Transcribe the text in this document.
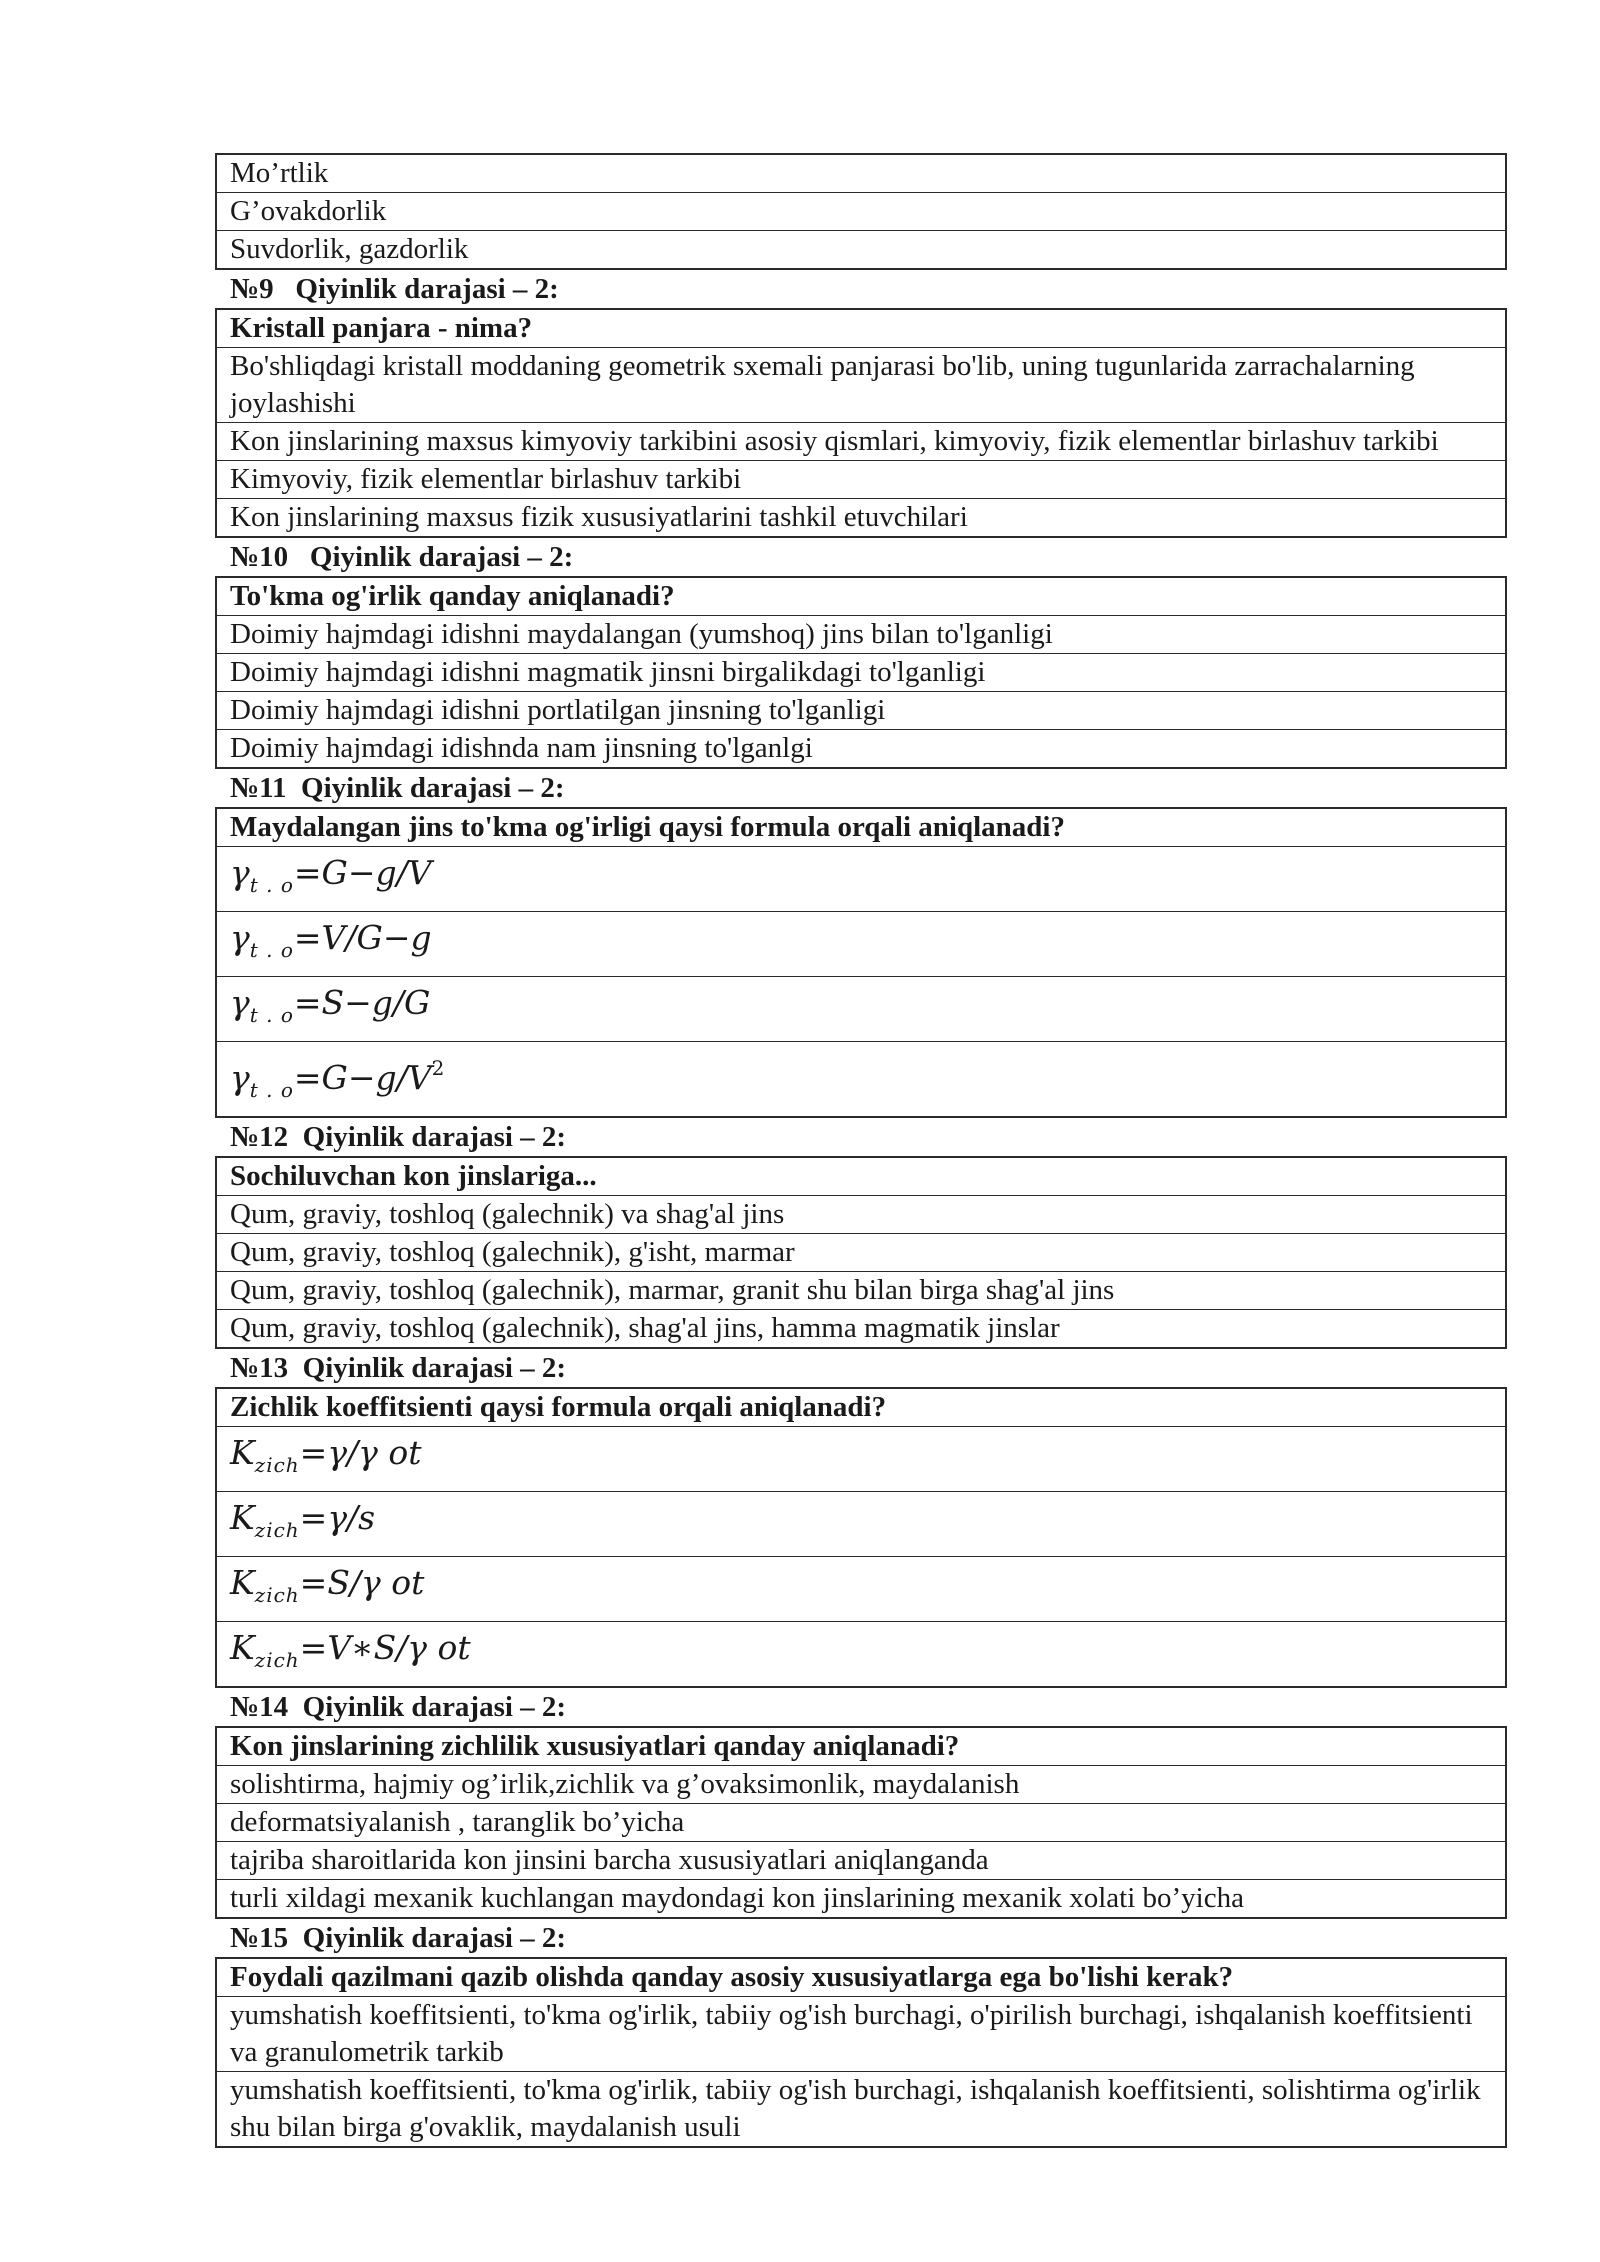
Mo’rtlik
G’ovakdorlik
Suvdorlik, gazdorlik
№9   Qiyinlik darajasi – 2:
Kristall panjara - nima?
Bo'shliqdagi kristall moddaning geometrik sxemali panjarasi bo'lib, uning tugunlarida zarrachalarning joylashishi
Kon jinslarining maxsus kimyoviy tarkibini asosiy qismlari, kimyoviy, fizik elementlar birlashuv tarkibi
Kimyoviy, fizik elementlar birlashuv tarkibi
Kon jinslarining maxsus fizik xususiyatlarini tashkil etuvchilari
№10   Qiyinlik darajasi – 2:
To'kma og'irlik qanday aniqlanadi?
Doimiy hajmdagi idishni maydalangan (yumshoq) jins bilan to'lganligi
Doimiy hajmdagi idishni magmatik jinsni birgalikdagi to'lganligi
Doimiy hajmdagi idishni portlatilgan jinsning to'lganligi
Doimiy hajmdagi idishnda nam jinsning to'lganlgi
№11  Qiyinlik darajasi – 2:
Maydalangan jins to'kma og'irligi qaysi formula orqali aniqlanadi?
$\gamma_{t . o}=G-g/V$
$\gamma_{t . o}=V/G-g$
$\gamma_{t . o}=S-g/G$
$\gamma_{t . o}=G-g/V^2$
№12  Qiyinlik darajasi – 2:
Sochiluvchan kon jinslariga...
Qum, graviy, toshloq (galechnik) va shag'al jins
Qum, graviy, toshloq (galechnik), g'isht, marmar
Qum, graviy, toshloq (galechnik), marmar, granit shu bilan birga shag'al jins
Qum, graviy, toshloq (galechnik), shag'al jins, hamma magmatik jinslar
№13  Qiyinlik darajasi – 2:
Zichlik koeffitsienti qaysi formula orqali aniqlanadi?
$K_{zich}=\gamma/\gamma$ ot
$K_{zich}=\gamma/s$
$K_{zich}=S/\gamma$ ot
$K_{zich}=V∗S/\gamma$ ot
№14  Qiyinlik darajasi – 2:
Kon jinslarining zichlilik xususiyatlari qanday aniqlanadi?
solishtirma, hajmiy og’irlik,zichlik va g’ovaksimonlik, maydalanish
deformatsiyalanish , taranglik bo’yicha
tajriba sharoitlarida kon jinsini barcha xususiyatlari aniqlanganda
turli xildagi mexanik kuchlangan maydondagi kon jinslarining mexanik xolati bo’yicha
№15  Qiyinlik darajasi – 2:
Foydali qazilmani qazib olishda qanday asosiy xususiyatlarga ega bo'lishi kerak?
yumshatish koeffitsienti, to'kma og'irlik, tabiiy og'ish burchagi, o'pirilish burchagi, ishqalanish koeffitsienti va granulometrik tarkib
yumshatish koeffitsienti, to'kma og'irlik, tabiiy og'ish burchagi, ishqalanish koeffitsienti, solishtirma og'irlik shu bilan birga g'ovaklik, maydalanish usuli
